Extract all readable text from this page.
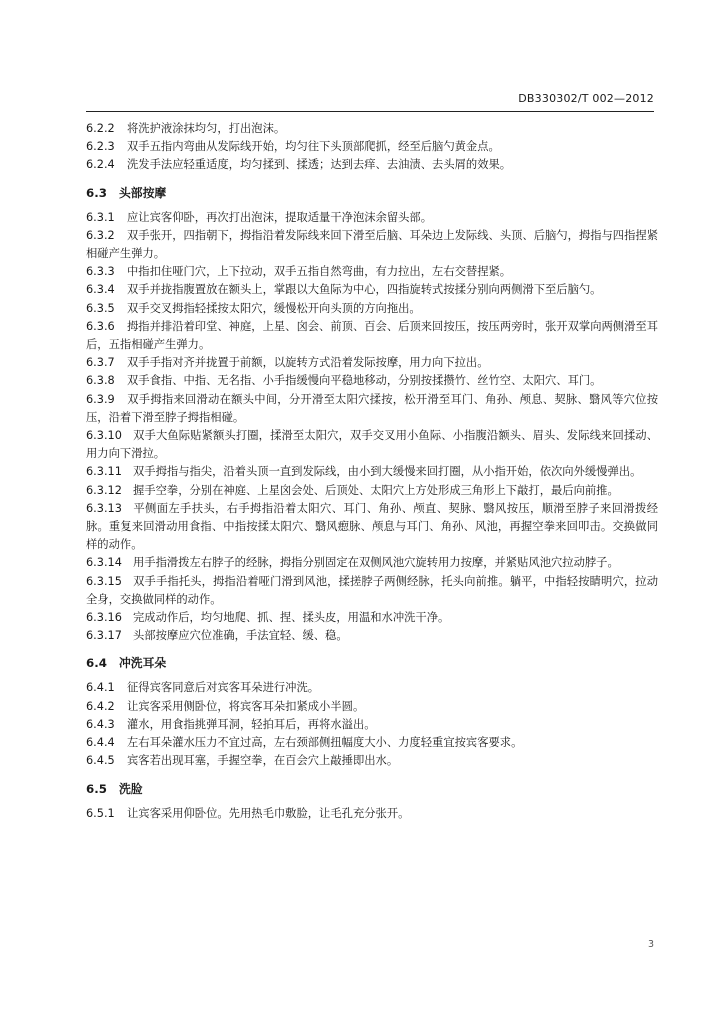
DB330302/T 002—2012

6.2.2 将洗护液涂抹均匀，打出泡沫。

6.2.3 双手五指内弯曲从发际线开始，均匀往下头顶部爬抓，经至后脑勺黄金点。

6.2.4 洗发手法应轻重适度，均匀揉到、揉透；达到去痒、去油渍、去头屑的效果。

6.3 头部按摩

6.3.1 应让宾客仰卧，再次打出泡沫，提取适量干净泡沫余留头部。

6.3.2 双手张开，四指朝下，拇指沿着发际线来回下滑至后脑、耳朵边上发际线、头顶、后脑勺，拇指与四指捏紧相碰产生弹力。

6.3.3 中指扣住哑门穴，上下拉动，双手五指自然弯曲，有力拉出，左右交替捏紧。

6.3.4 双手并拢指腹置放在额头上，掌跟以大鱼际为中心，四指旋转式按揉分别向两侧滑下至后脑勺。

6.3.5 双手交叉拇指轻揉按太阳穴，缓慢松开向头顶的方向拖出。

6.3.6 拇指并排沿着印堂、神庭，上星、囟会、前顶、百会、后顶来回按压，按压两旁时，张开双掌向两侧滑至耳后，五指相碰产生弹力。

6.3.7 双手手指对齐并拢置于前额，以旋转方式沿着发际按摩，用力向下拉出。

6.3.8 双手食指、中指、无名指、小手指缓慢向平稳地移动，分别按揉攒竹、丝竹空、太阳穴、耳门。

6.3.9 双手拇指来回滑动在额头中间，分开滑至太阳穴揉按，松开滑至耳门、角孙、颅息、契脉、翳风等穴位按压，沿着下滑至脖子拇指相碰。

6.3.10 双手大鱼际贴紧额头打圈，揉滑至太阳穴，双手交叉用小鱼际、小指腹沿额头、眉头、发际线来回揉动、用力向下滑拉。

6.3.11 双手拇指与指尖，沿着头顶一直到发际线，由小到大缓慢来回打圈，从小指开始，依次向外缓慢弹出。

6.3.12 握手空拳，分别在神庭、上星囟会处、后顶处、太阳穴上方处形成三角形上下敲打，最后向前推。

6.3.13 平侧面左手扶头，右手拇指沿着太阳穴、耳门、角孙、颅直、契脉、翳风按压，顺滑至脖子来回滑拨经脉。重复来回滑动用食指、中指按揉太阳穴、翳风瘛脉、颅息与耳门、角孙、风池，再握空拳来回叩击。交换做同样的动作。

6.3.14 用手指滑拨左右脖子的经脉，拇指分别固定在双侧风池穴旋转用力按摩，并紧贴风池穴拉动脖子。

6.3.15 双手手指托头，拇指沿着哑门滑到风池，揉搓脖子两侧经脉，托头向前推。躺平，中指轻按睛明穴，拉动全身，交换做同样的动作。

6.3.16 完成动作后，均匀地爬、抓、捏、揉头皮，用温和水冲洗干净。

6.3.17 头部按摩应穴位准确，手法宜轻、缓、稳。

6.4 冲洗耳朵

6.4.1 征得宾客同意后对宾客耳朵进行冲洗。

6.4.2 让宾客采用侧卧位，将宾客耳朵扣紧成小半圆。

6.4.3 灌水，用食指挑弹耳洞，轻拍耳后，再将水溢出。

6.4.4 左右耳朵灌水压力不宜过高，左右颈部侧扭幅度大小、力度轻重宜按宾客要求。

6.4.5 宾客若出现耳塞，手握空拳，在百会穴上敲捶即出水。

6.5 洗脸

6.5.1 让宾客采用仰卧位。先用热毛巾敷脸，让毛孔充分张开。

3
